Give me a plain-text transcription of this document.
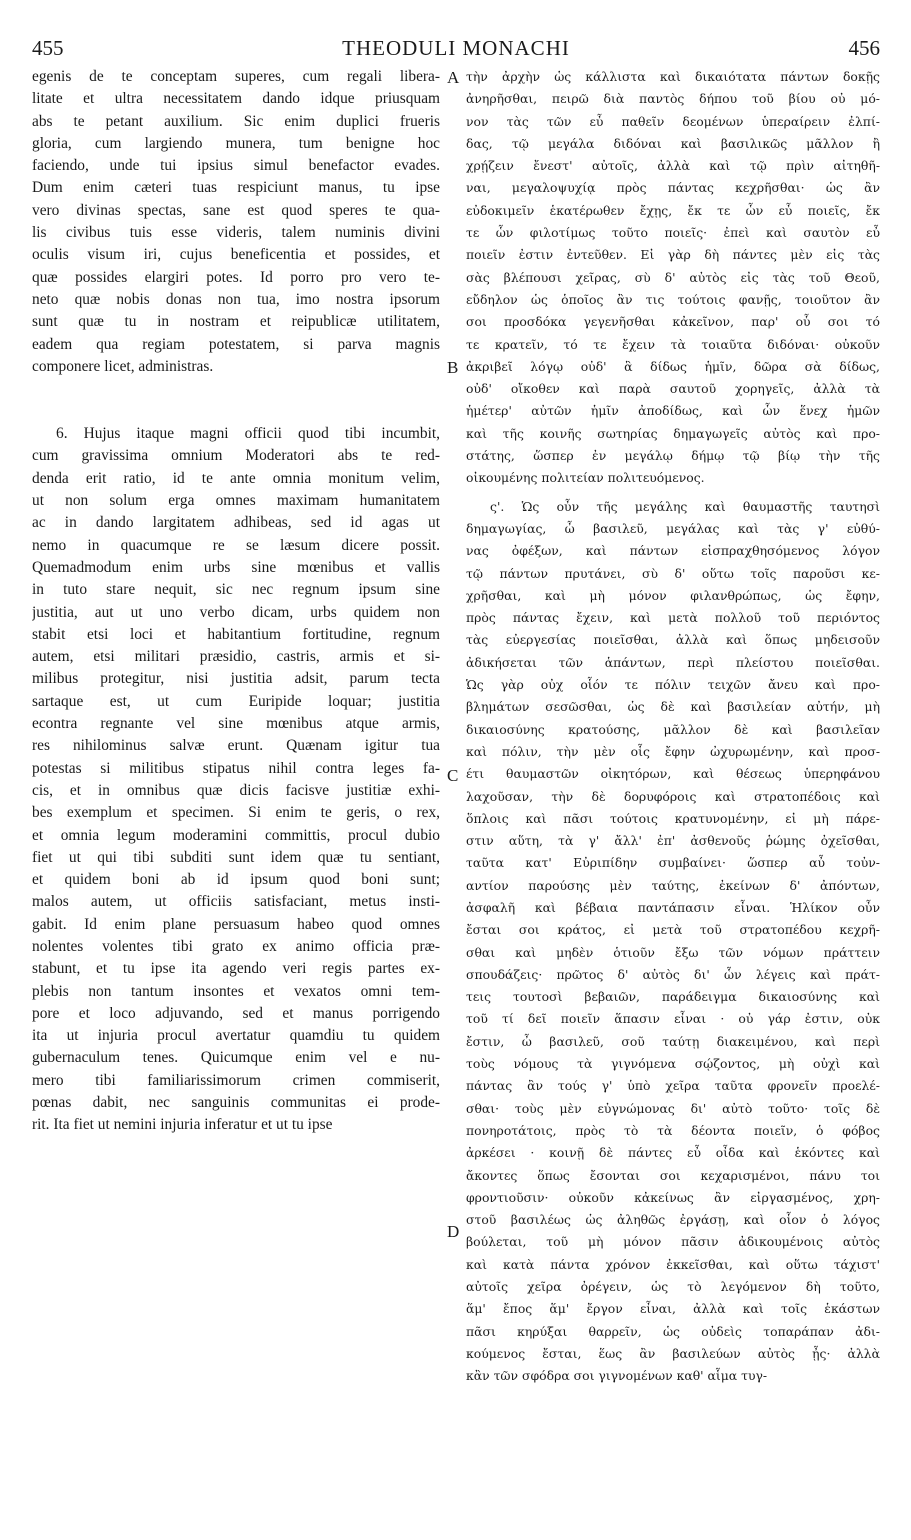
455	THEODULI MONACHI	456
A
B
C
D
egenis de te conceptam superes, cum regali libera-
litate et ultra necessitatem dando idque priusquam
abs te petant auxilium. Sic enim duplici frueris
gloria, cum largiendo munera, tum benigne hoc
faciendo, unde tui ipsius simul benefactor evades.
Dum enim cæteri tuas respiciunt manus, tu ipse
vero divinas spectas, sane est quod speres te qua-
lis civibus tuis esse videris, talem numinis divini
oculis visum iri, cujus beneficentia et possides, et
quæ possides elargiri potes. Id porro pro vero te-
neto quæ nobis donas non tua, imo nostra ipsorum
sunt quæ tu in nostram et reipublicæ utilitatem,
eadem qua regiam potestatem, si parva magnis
componere licet, administras.
6. Hujus itaque magni officii quod tibi incumbit,
cum gravissima omnium Moderatori abs te red-
denda erit ratio, id te ante omnia monitum velim,
ut non solum erga omnes maximam humanitatem
ac in dando largitatem adhibeas, sed id agas ut
nemo in quacumque re se læsum dicere possit.
Quemadmodum enim urbs sine mœnibus et vallis
in tuto stare nequit, sic nec regnum ipsum sine
justitia, aut ut uno verbo dicam, urbs quidem non
stabit etsi loci et habitantium fortitudine, regnum
autem, etsi militari præsidio, castris, armis et si-
milibus protegitur, nisi justitia adsit, parum tecta
sartaque est, ut cum Euripide loquar; justitia
econtra regnante vel sine mœnibus atque armis,
res nihilominus salvæ erunt. Quænam igitur tua
potestas si militibus stipatus nihil contra leges fa-
cis, et in omnibus quæ dicis facisve justitiæ exhi-
bes exemplum et specimen. Si enim te geris, o rex,
et omnia legum moderamini committis, procul dubio
fiet ut qui tibi subditi sunt idem quæ tu sentiant,
et quidem boni ab id ipsum quod boni sunt;
malos autem, ut officiis satisfaciant, metus insti-
gabit. Id enim plane persuasum habeo quod omnes
nolentes volentes tibi grato ex animo officia præ-
stabunt, et tu ipse ita agendo veri regis partes ex-
plebis non tantum insontes et vexatos omni tem-
pore et loco adjuvando, sed et manus porrigendo
ita ut injuria procul avertatur quamdiu tu quidem
gubernaculum tenes. Quicumque enim vel e nu-
mero tibi familiarissimorum crimen commiserit,
pœnas dabit, nec sanguinis communitas ei prode-
rit. Ita fiet ut nemini injuria inferatur et ut tu ipse
τὴν ἀρχὴν ὡς κάλλιστα καὶ δικαιότατα πάντων δοκῇς
ἀνηρῆσθαι, πειρῶ διὰ παντὸς δήπου τοῦ βίου οὐ μό-
νον τὰς τῶν εὖ παθεῖν δεομένων ὑπεραίρειν ἐλπί-
δας, τῷ μεγάλα διδόναι καὶ βασιλικῶς μᾶλλον ἢ
χρῄζειν ἔνεστ' αὐτοῖς, ἀλλὰ καὶ τῷ πρὶν αἰτηθῆ-
ναι, μεγαλοψυχίᾳ πρὸς πάντας κεχρῆσθαι· ὡς ἂν
εὐδοκιμεῖν ἑκατέρωθεν ἔχῃς, ἔκ τε ὧν εὖ ποιεῖς, ἔκ
τε ὧν φιλοτίμως τοῦτο ποιεῖς· ἐπεὶ καὶ σαυτὸν εὖ
ποιεῖν ἐστιν ἐντεῦθεν. Εἰ γὰρ δὴ πάντες μὲν εἰς τὰς
σὰς βλέπουσι χεῖρας, σὺ δ' αὐτὸς εἰς τὰς τοῦ Θεοῦ,
εὔδηλον ὡς ὁποῖος ἂν τις τούτοις φανῇς, τοιοῦτον ἂν
σοι προσδόκα γεγενῆσθαι κἀκεῖνον, παρ' οὗ σοι τό
τε κρατεῖν, τό τε ἔχειν τὰ τοιαῦτα διδόναι· οὐκοῦν
ἀκριβεῖ λόγῳ οὐδ' ἃ δίδως ἡμῖν, δῶρα σὰ δίδως,
οὐδ' οἴκοθεν καὶ παρὰ σαυτοῦ χορηγεῖς, ἀλλὰ τὰ
ἡμέτερ' αὐτῶν ἡμῖν ἀποδίδως, καὶ ὧν ἕνεχ ἡμῶν
καὶ τῆς κοινῆς σωτηρίας δημαγωγεῖς αὐτὸς καὶ προ-
στάτης, ὥσπερ ἐν μεγάλῳ δήμῳ τῷ βίῳ τὴν τῆς
οἰκουμένης πολιτείαν πολιτευόμενος.
ς'. Ὡς οὖν τῆς μεγάλης καὶ θαυμαστῆς ταυτησὶ
δημαγωγίας, ὦ βασιλεῦ, μεγάλας καὶ τὰς γ' εὐθύ-
νας ὀφέξων, καὶ πάντων εἰσπραχθησόμενος λόγον
τῷ πάντων πρυτάνει, σὺ δ' οὕτω τοῖς παροῦσι κε-
χρῆσθαι, καὶ μὴ μόνον φιλανθρώπως, ὡς ἔφην,
πρὸς πάντας ἔχειν, καὶ μετὰ πολλοῦ τοῦ περιόντος
τὰς εὐεργεσίας ποιεῖσθαι, ἀλλὰ καὶ ὅπως μηδεισοῦν
ἀδικήσεται τῶν ἁπάντων, περὶ πλείστου ποιεῖσθαι.
Ὡς γὰρ οὐχ οἷόν τε πόλιν τειχῶν ἄνευ καὶ προ-
βλημάτων σεσῶσθαι, ὡς δὲ καὶ βασιλείαν αὐτήν, μὴ
δικαιοσύνης κρατούσης, μᾶλλον δὲ καὶ βασιλεῖαν
καὶ πόλιν, τὴν μὲν οἷς ἔφην ὠχυρωμένην, καὶ προσ-
έτι θαυμαστῶν οἰκητόρων, καὶ θέσεως ὑπερηφάνου
λαχοῦσαν, τὴν δὲ δορυφόροις καὶ στρατοπέδοις καὶ
ὅπλοις καὶ πᾶσι τούτοις κρατυνομένην, εἰ μὴ πάρε-
στιν αὕτη, τὰ γ' ἄλλ' ἐπ' ἀσθενοῦς ῥώμης ὀχεῖσθαι,
ταῦτα κατ' Εὐριπίδην συμβαίνει· ὥσπερ αὖ τοὐν-
αντίον παρούσης μὲν ταύτης, ἐκείνων δ' ἀπόντων,
ἀσφαλῆ καὶ βέβαια παντάπασιν εἶναι. Ἡλίκον οὖν
ἔσται σοι κράτος, εἰ μετὰ τοῦ στρατοπέδου κεχρῆ-
σθαι καὶ μηδὲν ὁτιοῦν ἔξω τῶν νόμων πράττειν
σπουδάζεις· πρῶτος δ' αὐτὸς δι' ὧν λέγεις καὶ πράτ-
τεις τουτοσὶ βεβαιῶν, παράδειγμα δικαιοσύνης καὶ
τοῦ τί δεῖ ποιεῖν ἅπασιν εἶναι · οὐ γάρ ἐστιν, οὐκ
ἔστιν, ὦ βασιλεῦ, σοῦ ταύτῃ διακειμένου, καὶ περὶ
τοὺς νόμους τὰ γιγνόμενα σῴζοντος, μὴ οὐχὶ καὶ
πάντας ἂν τούς γ' ὑπὸ χεῖρα ταῦτα φρονεῖν προελέ-
σθαι· τοὺς μὲν εὐγνώμονας δι' αὐτὸ τοῦτο· τοῖς δὲ
πονηροτάτοις, πρὸς τὸ τὰ δέοντα ποιεῖν, ὁ φόβος
ἀρκέσει · κοινῇ δὲ πάντες εὖ οἶδα καὶ ἑκόντες καὶ
ἄκοντες ὅπως ἔσονται σοι κεχαρισμένοι, πάνυ τοι
φροντιοῦσιν· οὐκοῦν κἀκείνως ἂν εἰργασμένος, χρη-
στοῦ βασιλέως ὡς ἀληθῶς ἐργάσῃ, καὶ οἷον ὁ λόγος
βούλεται, τοῦ μὴ μόνον πᾶσιν ἀδικουμένοις αὐτὸς
καὶ κατὰ πάντα χρόνον ἐκκεῖσθαι, καὶ οὕτω τάχιστ'
αὐτοῖς χεῖρα ὀρέγειν, ὡς τὸ λεγόμενον δὴ τοῦτο,
ἅμ' ἔπος ἅμ' ἔργον εἶναι, ἀλλὰ καὶ τοῖς ἑκάστων
πᾶσι κηρύξαι θαρρεῖν, ὡς οὐδεὶς τοπαράπαν ἀδι-
κούμενος ἔσται, ἕως ἂν βασιλεύων αὐτὸς ᾖς· ἀλλὰ
κἂν τῶν σφόδρα σοι γιγνομένων καθ' αἷμα τυγ-
